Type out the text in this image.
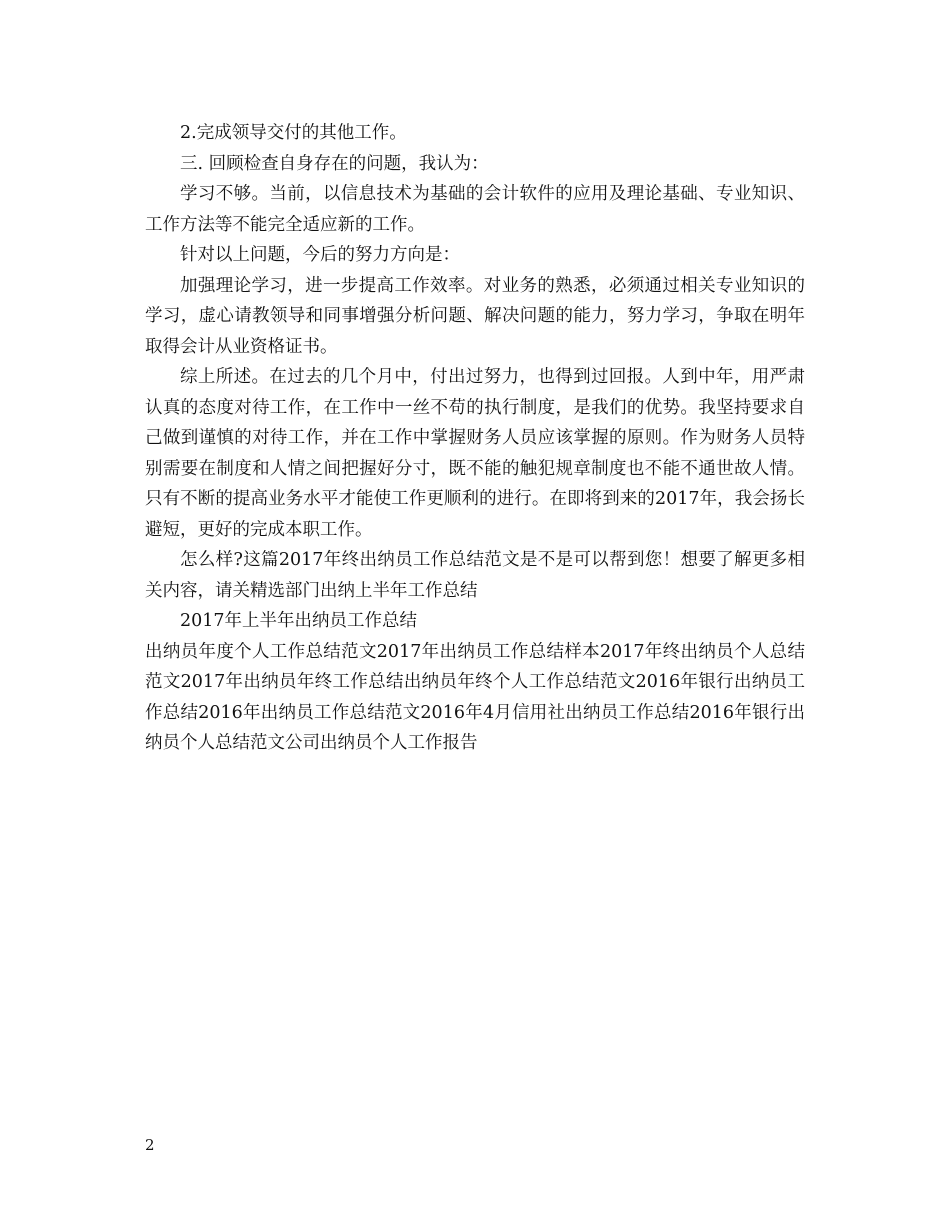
2.完成领导交付的其他工作。

三. 回顾检查自身存在的问题，我认为：

学习不够。当前，以信息技术为基础的会计软件的应用及理论基础、专业知识、工作方法等不能完全适应新的工作。

针对以上问题，今后的努力方向是：

加强理论学习，进一步提高工作效率。对业务的熟悉，必须通过相关专业知识的学习，虚心请教领导和同事增强分析问题、解决问题的能力，努力学习，争取在明年取得会计从业资格证书。

综上所述。在过去的几个月中，付出过努力，也得到过回报。人到中年，用严肃认真的态度对待工作，在工作中一丝不苟的执行制度，是我们的优势。我坚持要求自己做到谨慎的对待工作，并在工作中掌握财务人员应该掌握的原则。作为财务人员特别需要在制度和人情之间把握好分寸，既不能的触犯规章制度也不能不通世故人情。只有不断的提高业务水平才能使工作更顺利的进行。在即将到来的2017年，我会扬长避短，更好的完成本职工作。

怎么样?这篇2017年终出纳员工作总结范文是不是可以帮到您！想要了解更多相关内容，请关精选部门出纳上半年工作总结

2017年上半年出纳员工作总结

出纳员年度个人工作总结范文2017年出纳员工作总结样本2017年终出纳员个人总结范文2017年出纳员年终工作总结出纳员年终个人工作总结范文2016年银行出纳员工作总结2016年出纳员工作总结范文2016年4月信用社出纳员工作总结2016年银行出纳员个人总结范文公司出纳员个人工作报告

2
